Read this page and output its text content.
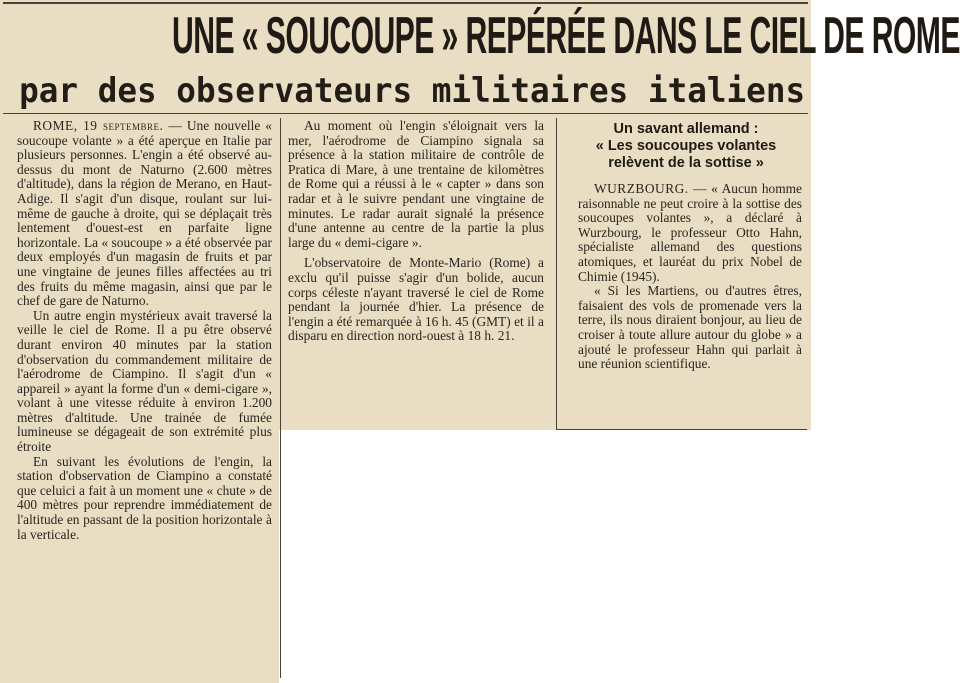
UNE « SOUCOUPE » REPÉRÉE DANS LE CIEL DE ROME
par des observateurs militaires italiens

ROME, 19 septembre. — Une nouvelle « soucoupe volante » a été aperçue en Italie par plusieurs personnes. L'engin a été observé au-dessus du mont de Naturno (2.600 mètres d'altitude), dans la région de Merano, en Haut-Adige. Il s'agit d'un disque, roulant sur lui-même de gauche à droite, qui se déplaçait très lentement d'ouest-est en parfaite ligne horizontale. La « soucoupe » a été observée par deux employés d'un magasin de fruits et par une vingtaine de jeunes filles affectées au tri des fruits du même magasin, ainsi que par le chef de gare de Naturno.

Un autre engin mystérieux avait traversé la veille le ciel de Rome. Il a pu être observé durant environ 40 minutes par la station d'observation du commandement militaire de l'aérodrome de Ciampino. Il s'agit d'un « appareil » ayant la forme d'un « demi-cigare », volant à une vitesse réduite à environ 1.200 mètres d'altitude. Une trainée de fumée lumineuse se dégageait de son extrémité plus étroite

En suivant les évolutions de l'engin, la station d'observation de Ciampino a constaté que celuici a fait à un moment une « chute » de 400 mètres pour reprendre immédiatement de l'altitude en passant de la position horizontale à la verticale.

Au moment où l'engin s'éloignait vers la mer, l'aérodrome de Ciampino signala sa présence à la station militaire de contrôle de Pratica di Mare, à une trentaine de kilomètres de Rome qui a réussi à le « capter » dans son radar et à le suivre pendant une vingtaine de minutes. Le radar aurait signalé la présence d'une antenne au centre de la partie la plus large du « demi-cigare ».

L'observatoire de Monte-Mario (Rome) a exclu qu'il puisse s'agir d'un bolide, aucun corps céleste n'ayant traversé le ciel de Rome pendant la journée d'hier. La présence de l'engin a été remarquée à 16 h. 45 (GMT) et il a disparu en direction nord-ouest à 18 h. 21.

Un savant allemand :
« Les soucoupes volantes
relèvent de la sottise »

WURZBOURG. — « Aucun homme raisonnable ne peut croire à la sottise des soucoupes volantes », a déclaré à Wurzbourg, le professeur Otto Hahn, spécialiste allemand des questions atomiques, et lauréat du prix Nobel de Chimie (1945).

« Si les Martiens, ou d'autres êtres, faisaient des vols de promenade vers la terre, ils nous diraient bonjour, au lieu de croiser à toute allure autour du globe » a ajouté le professeur Hahn qui parlait à une réunion scientifique.
